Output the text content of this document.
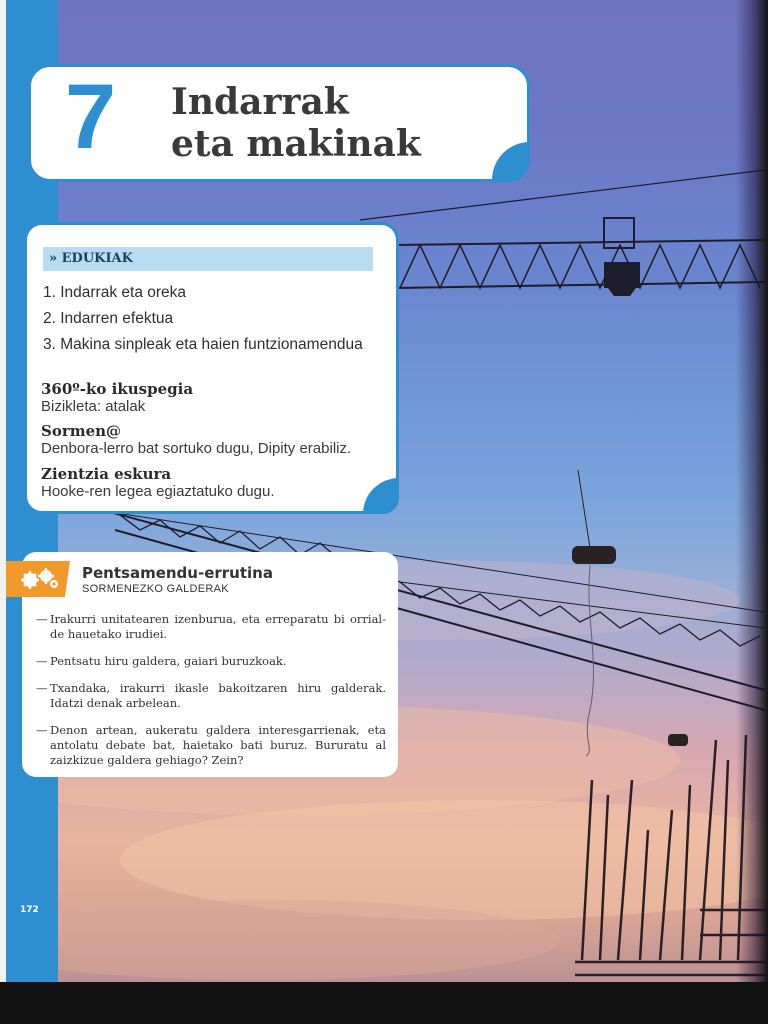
7 Indarrak
eta makinak
» EDUKIAK
1. Indarrak eta oreka
2. Indarren efektua
3. Makina sinpleak eta haien funtzionamendua
360º-ko ikuspegia
Bizikleta: atalak
Sormen@
Denbora-lerro bat sortuko dugu, Dipity erabiliz.
Zientzia eskura
Hooke-ren legea egiaztatuko dugu.
Pentsamendu-errutina
SORMENEZKO GALDERAK
— Irakurri unitatearen izenburua, eta erreparatu bi orrial-de hauetako irudiei.
— Pentsatu hiru galdera, gaiari buruzkoak.
— Txandaka, irakurri ikasle bakoitzaren hiru galderak. Idatzi denak arbelean.
— Denon artean, aukeratu galdera interesgarrienak, eta antolatu debate bat, haietako bati buruz. Bururatu al zaizkizue galdera gehiago? Zein?
172
